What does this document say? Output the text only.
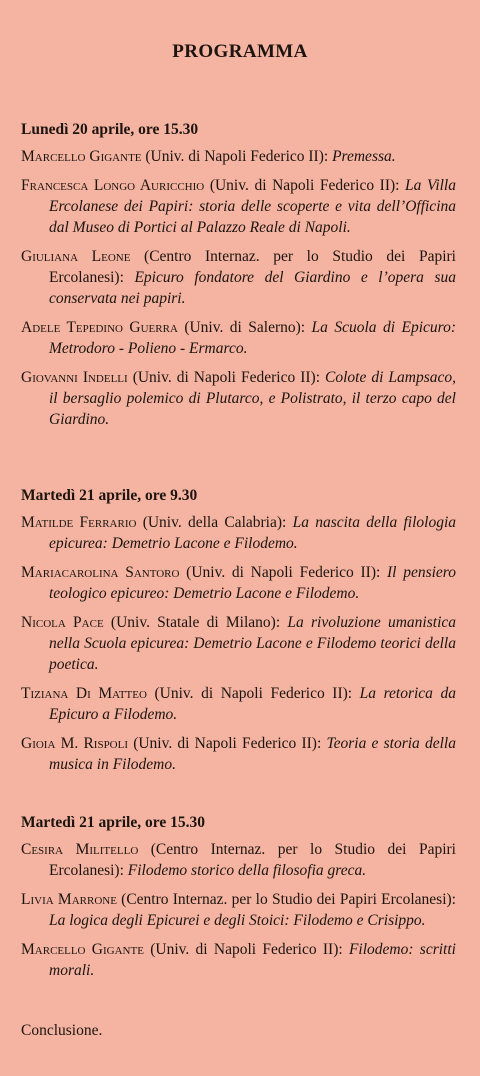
PROGRAMMA
Lunedì 20 aprile, ore 15.30
Marcello Gigante (Univ. di Napoli Federico II): Premessa.
Francesca Longo Auricchio (Univ. di Napoli Federico II): La Villa Ercolanese dei Papiri: storia delle scoperte e vita dell’Officina dal Museo di Portici al Palazzo Reale di Napoli.
Giuliana Leone (Centro Internaz. per lo Studio dei Papiri Ercolanesi): Epicuro fondatore del Giardino e l’opera sua conservata nei papiri.
Adele Tepedino Guerra (Univ. di Salerno): La Scuola di Epicuro: Metrodoro - Polieno - Ermarco.
Giovanni Indelli (Univ. di Napoli Federico II): Colote di Lampsaco, il bersaglio polemico di Plutarco, e Polistrato, il terzo capo del Giardino.
Martedì 21 aprile, ore 9.30
Matilde Ferrario (Univ. della Calabria): La nascita della filologia epicurea: Demetrio Lacone e Filodemo.
Mariacarolina Santoro (Univ. di Napoli Federico II): Il pensiero teologico epicureo: Demetrio Lacone e Filodemo.
Nicola Pace (Univ. Statale di Milano): La rivoluzione umanistica nella Scuola epicurea: Demetrio Lacone e Filodemo teorici della poetica.
Tiziana Di Matteo (Univ. di Napoli Federico II): La retorica da Epicuro a Filodemo.
Gioia M. Rispoli (Univ. di Napoli Federico II): Teoria e storia della musica in Filodemo.
Martedì 21 aprile, ore 15.30
Cesira Militello (Centro Internaz. per lo Studio dei Papiri Ercolanesi): Filodemo storico della filosofia greca.
Livia Marrone (Centro Internaz. per lo Studio dei Papiri Ercolanesi): La logica degli Epicurei e degli Stoici: Filodemo e Crisippo.
Marcello Gigante (Univ. di Napoli Federico II): Filodemo: scritti morali.
Conclusione.
